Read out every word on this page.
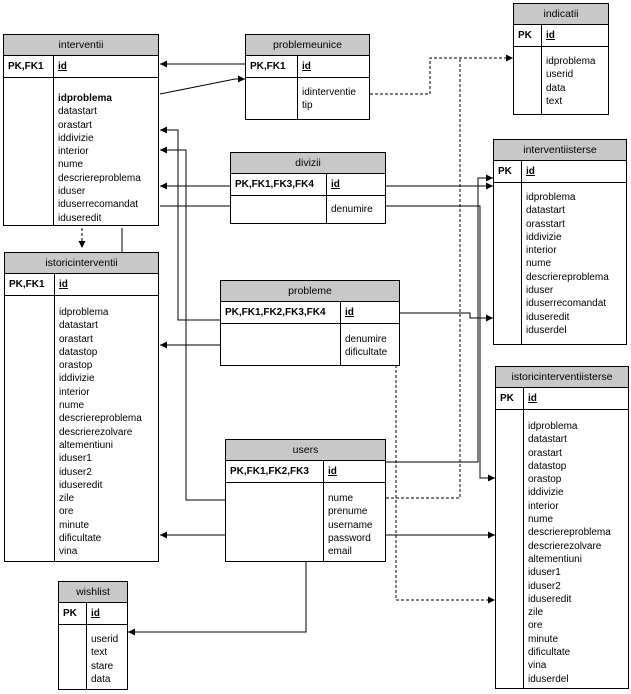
interventii
PK,FK1	id
idproblema
datastart
orastart
iddivizie
interior
nume
descriereproblema
iduser
iduserrecomandat
iduseredit
problemeunice
PK,FK1	id
idinterventie
tip
indicatii
PK	id
idproblema
userid
data
text
divizii
PK,FK1,FK3,FK4	id
denumire
interventiisterse
PK	id
idproblema
datastart
orasstart
iddivizie
interior
nume
descriereproblema
iduser
iduserrecomandat
iduseredit
iduserdel
istoricinterventii
PK,FK1	id
idproblema
datastart
orastart
datastop
orastop
iddivizie
interior
nume
descriereproblema
descrierezolvare
altementiuni
iduser1
iduser2
iduseredit
zile
ore
minute
dificultate
vina
probleme
PK,FK1,FK2,FK3,FK4	id
denumire
dificultate
istoricinterventiisterse
PK	id
idproblema
datastart
orastart
datastop
orastop
iddivizie
interior
nume
descriereproblema
descrierezolvare
altementiuni
iduser1
iduser2
iduseredit
zile
ore
minute
dificultate
vina
iduserdel
users
PK,FK1,FK2,FK3	id
nume
prenume
username
password
email
wishlist
PK	id
userid
text
stare
data
